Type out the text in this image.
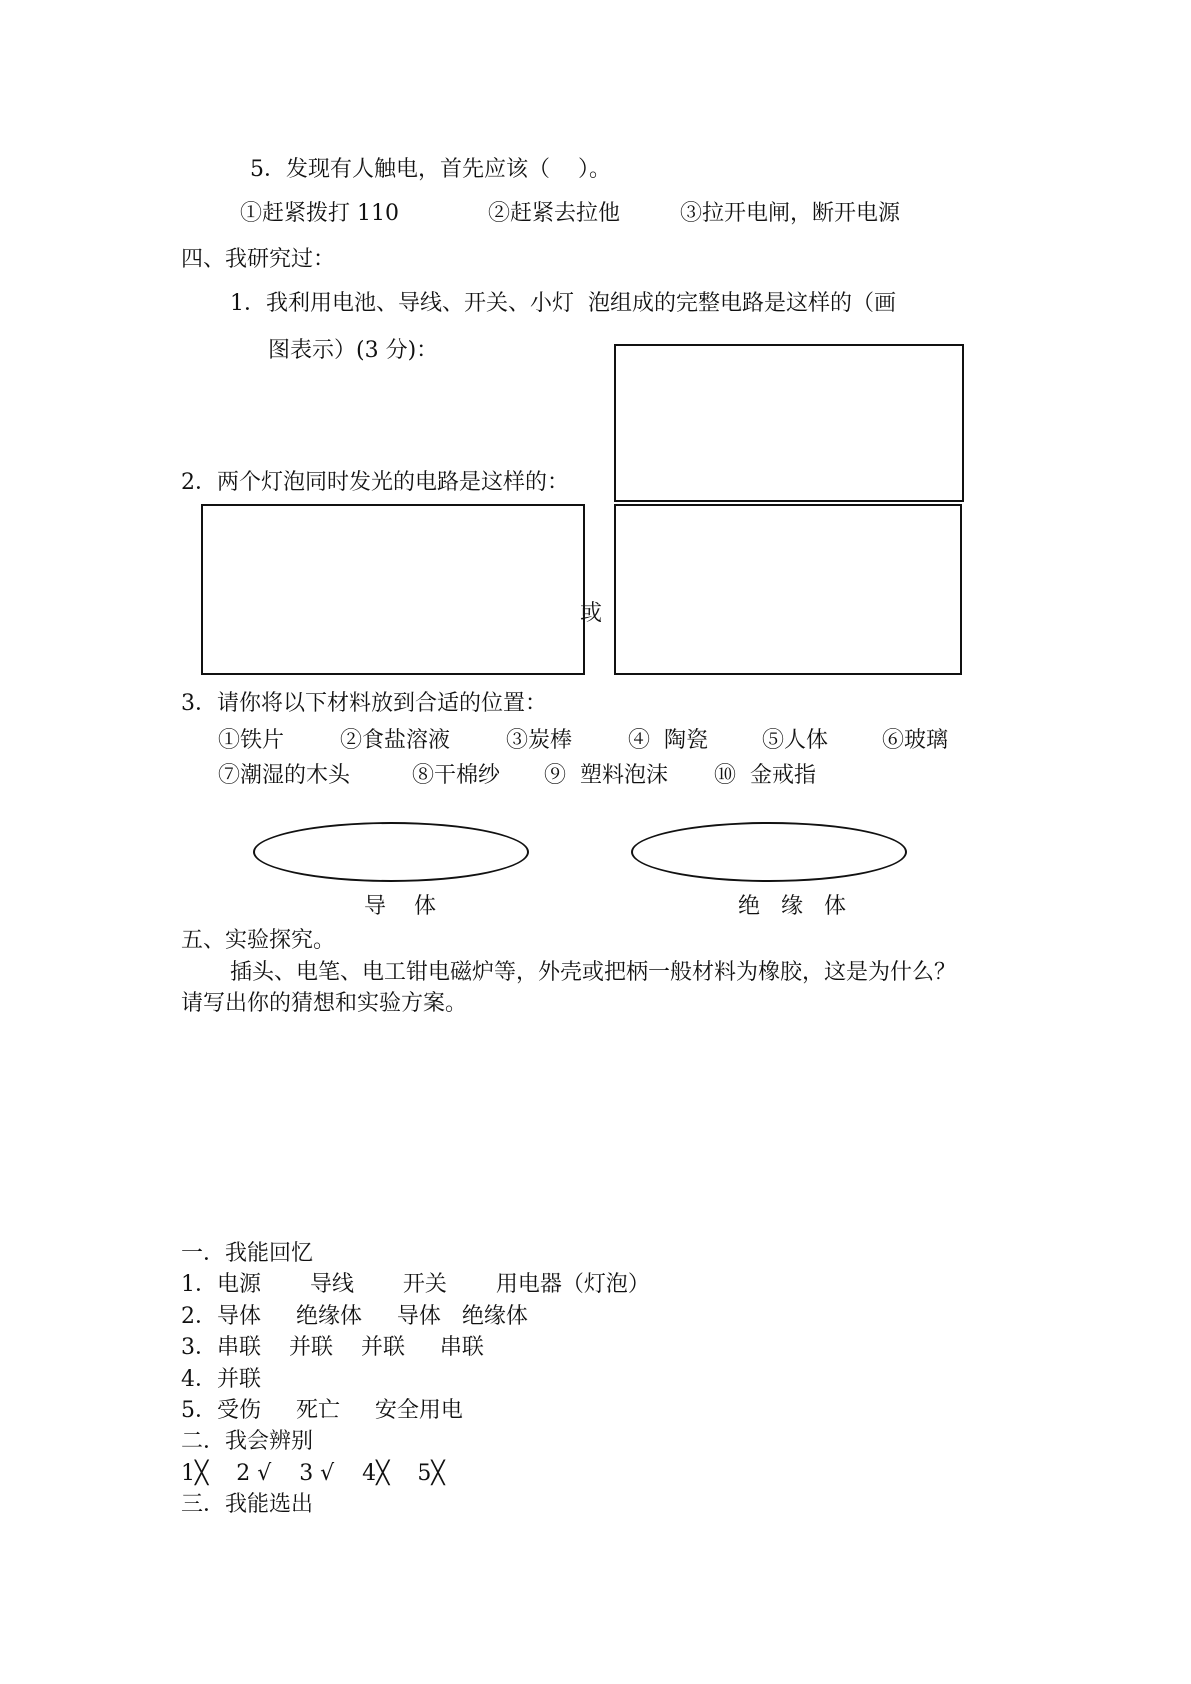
5．发现有人触电，首先应该（    ）。
①赶紧拨打 110	②赶紧去拉他	③拉开电闸，断开电源
四、我研究过：
1．我利用电池、导线、开关、小灯  泡组成的完整电路是这样的（画
图表示）(3 分)：
2．两个灯泡同时发光的电路是这样的：
或
3．请你将以下材料放到合适的位置：
①铁片	②食盐溶液	③炭棒	④  陶瓷 ⑤人体 ⑥玻璃
⑦潮湿的木头	⑧干棉纱 ⑨  塑料泡沫 ⑩  金戒指
导    体	绝   缘   体
五、实验探究。
插头、电笔、电工钳电磁炉等，外壳或把柄一般材料为橡胶，这是为什么？
请写出你的猜想和实验方案。
一．我能回忆
1．电源       导线       开关       用电器（灯泡）
2．导体     绝缘体     导体   绝缘体
3．串联    并联    并联     串联
4．并联
5．受伤     死亡     安全用电
二．我会辨别
1╳    2 √    3 √    4╳    5╳
三．我能选出
